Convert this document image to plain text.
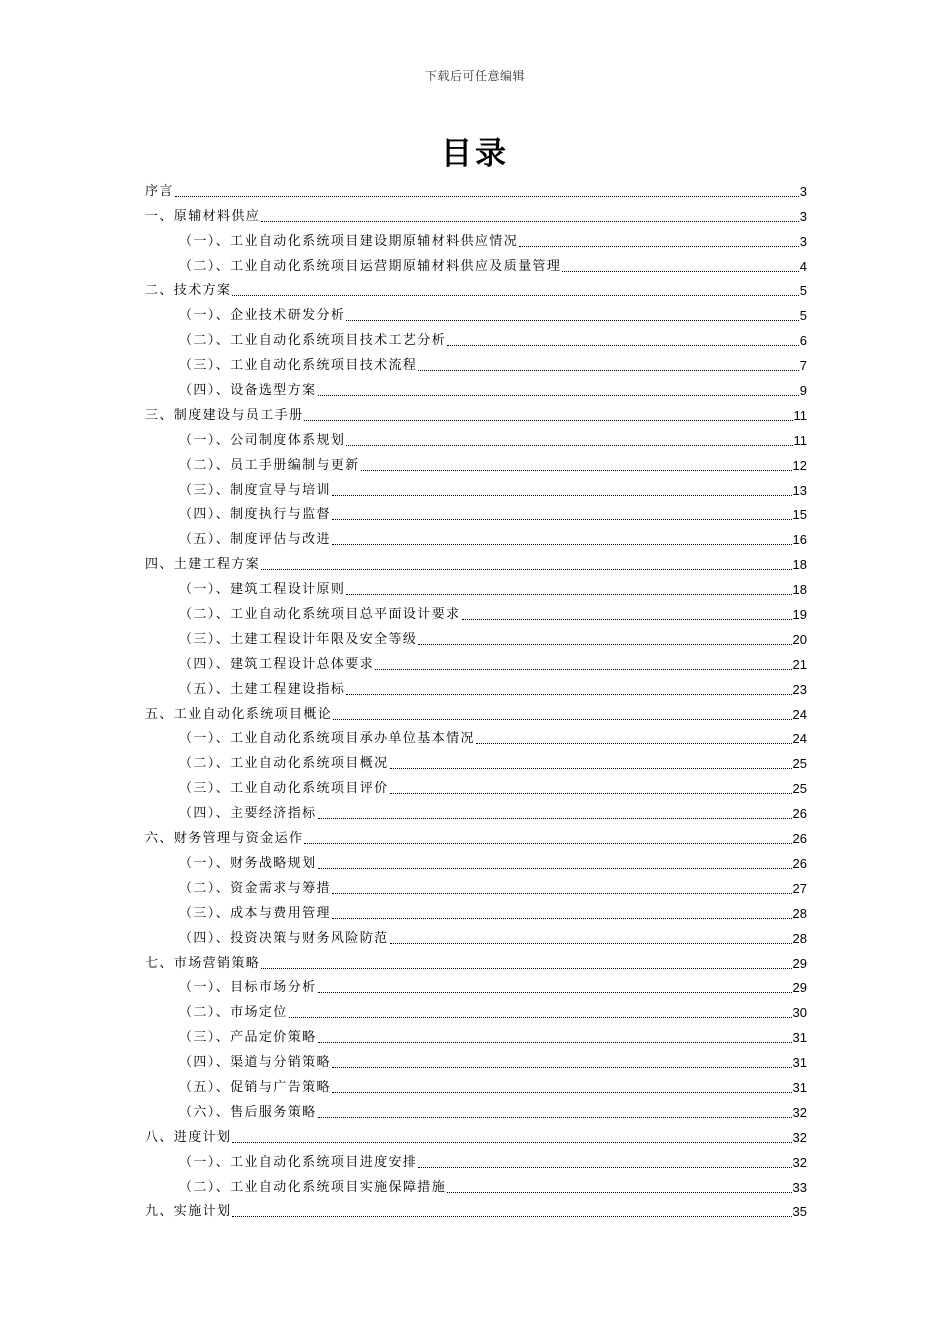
下载后可任意编辑
目录
序言	3
一、原辅材料供应	3
（一）、工业自动化系统项目建设期原辅材料供应情况	3
（二）、工业自动化系统项目运营期原辅材料供应及质量管理	4
二、技术方案	5
（一）、企业技术研发分析	5
（二）、工业自动化系统项目技术工艺分析	6
（三）、工业自动化系统项目技术流程	7
（四）、设备选型方案	9
三、制度建设与员工手册	11
（一）、公司制度体系规划	11
（二）、员工手册编制与更新	12
（三）、制度宣导与培训	13
（四）、制度执行与监督	15
（五）、制度评估与改进	16
四、土建工程方案	18
（一）、建筑工程设计原则	18
（二）、工业自动化系统项目总平面设计要求	19
（三）、土建工程设计年限及安全等级	20
（四）、建筑工程设计总体要求	21
（五）、土建工程建设指标	23
五、工业自动化系统项目概论	24
（一）、工业自动化系统项目承办单位基本情况	24
（二）、工业自动化系统项目概况	25
（三）、工业自动化系统项目评价	25
（四）、主要经济指标	26
六、财务管理与资金运作	26
（一）、财务战略规划	26
（二）、资金需求与筹措	27
（三）、成本与费用管理	28
（四）、投资决策与财务风险防范	28
七、市场营销策略	29
（一）、目标市场分析	29
（二）、市场定位	30
（三）、产品定价策略	31
（四）、渠道与分销策略	31
（五）、促销与广告策略	31
（六）、售后服务策略	32
八、进度计划	32
（一）、工业自动化系统项目进度安排	32
（二）、工业自动化系统项目实施保障措施	33
九、实施计划	35
